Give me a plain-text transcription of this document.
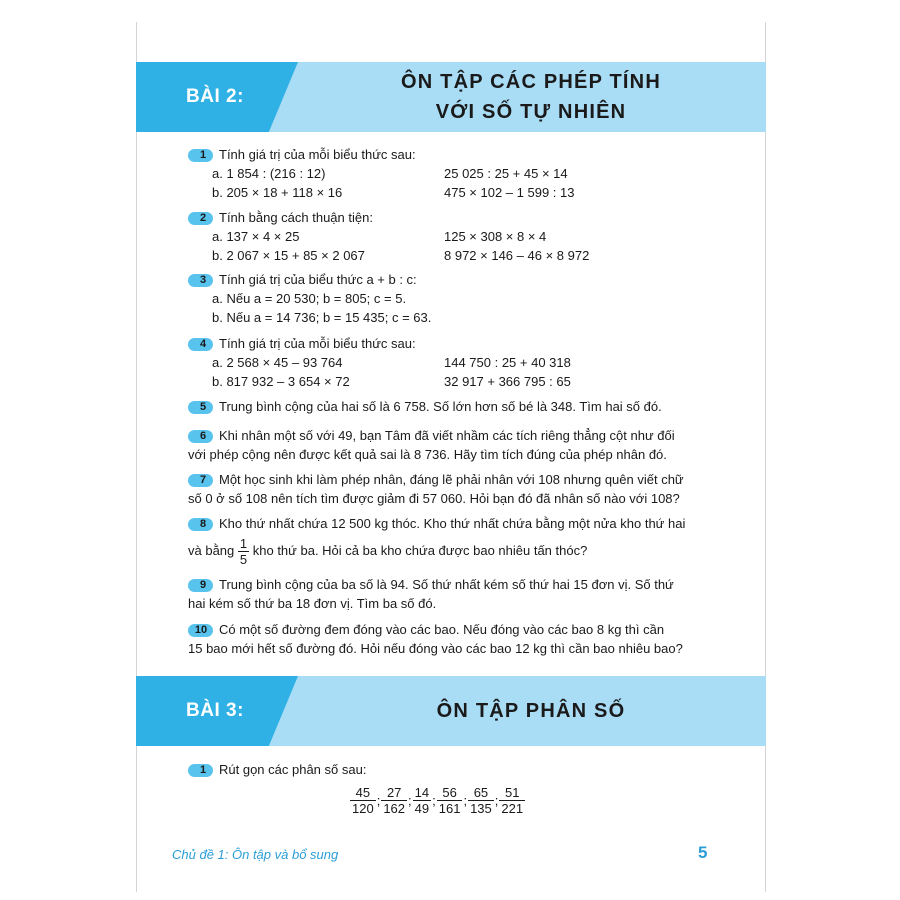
BÀI 2:
ÔN TẬP CÁC PHÉP TÍNH
VỚI SỐ TỰ NHIÊN
1 Tính giá trị của mỗi biểu thức sau:
a. 1 854 : (216 : 12)	25 025 : 25 + 45 × 14
b. 205 × 18 + 118 × 16	475 × 102 – 1 599 : 13
2 Tính bằng cách thuận tiện:
a. 137 × 4 × 25	125 × 308 × 8 × 4
b. 2 067 × 15 + 85 × 2 067	8 972 × 146 – 46 × 8 972
3 Tính giá trị của biểu thức a + b : c:
a. Nếu a = 20 530; b = 805; c = 5.
b. Nếu a = 14 736; b = 15 435; c = 63.
4 Tính giá trị của mỗi biểu thức sau:
a. 2 568 × 45 – 93 764	144 750 : 25 + 40 318
b. 817 932 – 3 654 × 72	32 917 + 366 795 : 65
5 Trung bình cộng của hai số là 6 758. Số lớn hơn số bé là 348. Tìm hai số đó.
6 Khi nhân một số với 49, bạn Tâm đã viết nhầm các tích riêng thẳng cột như đối
với phép cộng nên được kết quả sai là 8 736. Hãy tìm tích đúng của phép nhân đó.
7 Một học sinh khi làm phép nhân, đáng lẽ phải nhân với 108 nhưng quên viết chữ
số 0 ở số 108 nên tích tìm được giảm đi 57 060. Hỏi bạn đó đã nhân số nào với 108?
8 Kho thứ nhất chứa 12 500 kg thóc. Kho thứ nhất chứa bằng một nửa kho thứ hai
và bằng $\frac{1}{5}$ kho thứ ba. Hỏi cả ba kho chứa được bao nhiêu tấn thóc?
9 Trung bình cộng của ba số là 94. Số thứ nhất kém số thứ hai 15 đơn vị. Số thứ
hai kém số thứ ba 18 đơn vị. Tìm ba số đó.
10 Có một số đường đem đóng vào các bao. Nếu đóng vào các bao 8 kg thì cần
15 bao mới hết số đường đó. Hỏi nếu đóng vào các bao 12 kg thì cần bao nhiêu bao?
BÀI 3:	ÔN TẬP PHÂN SỐ
1 Rút gọn các phân số sau:
$\frac{45}{120}$ ; $\frac{27}{162}$ ; $\frac{14}{49}$ ; $\frac{56}{161}$ ; $\frac{65}{135}$ ; $\frac{51}{221}$
Chủ đề 1: Ôn tập và bổ sung	5
